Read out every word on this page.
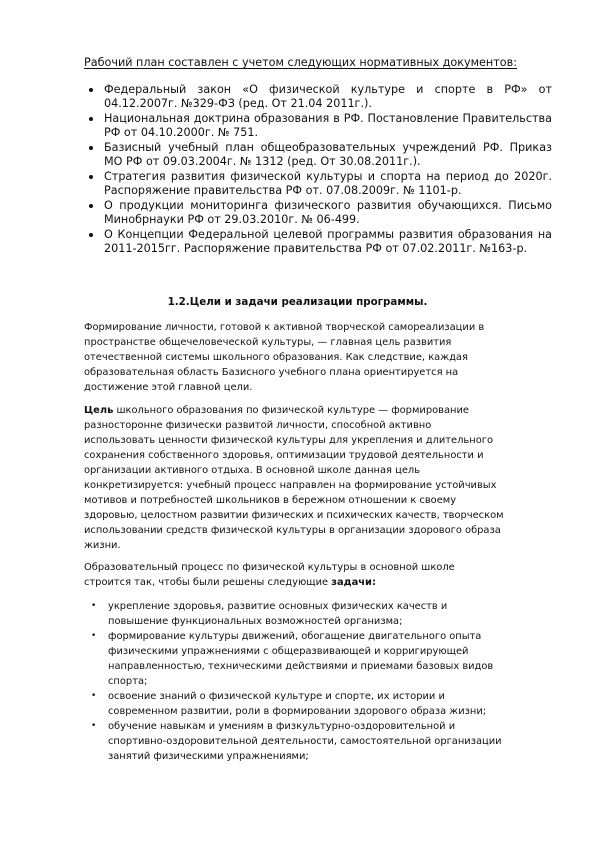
Рабочий план составлен с учетом следующих нормативных документов:
Федеральный закон «О физической культуре и спорте в РФ» от 04.12.2007г. №329-ФЗ (ред. От 21.04 2011г.).
Национальная доктрина образования в РФ. Постановление Правительства РФ от 04.10.2000г. № 751.
Базисный учебный план общеобразовательных учреждений РФ. Приказ МО РФ от 09.03.2004г. № 1312 (ред. От 30.08.2011г.).
Стратегия развития физической культуры и спорта на период до 2020г. Распоряжение правительства РФ от. 07.08.2009г. № 1101-р.
О продукции мониторинга физического развития обучающихся. Письмо Минобрнауки РФ от 29.03.2010г. № 06-499.
О Концепции Федеральной целевой программы развития образования на 2011-2015гг. Распоряжение правительства РФ от 07.02.2011г. №163-р.
1.2.Цели и задачи реализации программы.
Формирование личности, готовой к активной творческой самореализации в
пространстве общечеловеческой культуры, — главная цель развития
отечественной системы школьного образования. Как следствие, каждая
образовательная область Базисного учебного плана ориентируется на
достижение этой главной цели.
Цель школьного образования по физической культуре — формирование
разносторонне физически развитой личности, способной активно
использовать ценности физической культуры для укрепления и длительного
сохранения собственного здоровья, оптимизации трудовой деятельности и
организации активного отдыха. В основной школе данная цель
конкретизируется: учебный процесс направлен на формирование устойчивых
мотивов и потребностей школьников в бережном отношении к своему
здоровью, целостном развитии физических и психических качеств, творческом
использовании средств физической культуры в организации здорового образа
жизни.
Образовательный процесс по физической культуры в основной школе
строится так, чтобы были решены следующие задачи:
• укрепление здоровья, развитие основных физических качеств и
повышение функциональных возможностей организма;
• формирование культуры движений, обогащение двигательного опыта
физическими упражнениями с общеразвивающей и корригирующей
направленностью, техническими действиями и приемами базовых видов
спорта;
• освоение знаний о физической культуре и спорте, их истории и
современном развитии, роли в формировании здорового образа жизни;
• обучение навыкам и умениям в физкультурно-оздоровительной и
спортивно-оздоровительной деятельности, самостоятельной организации
занятий физическими упражнениями;
